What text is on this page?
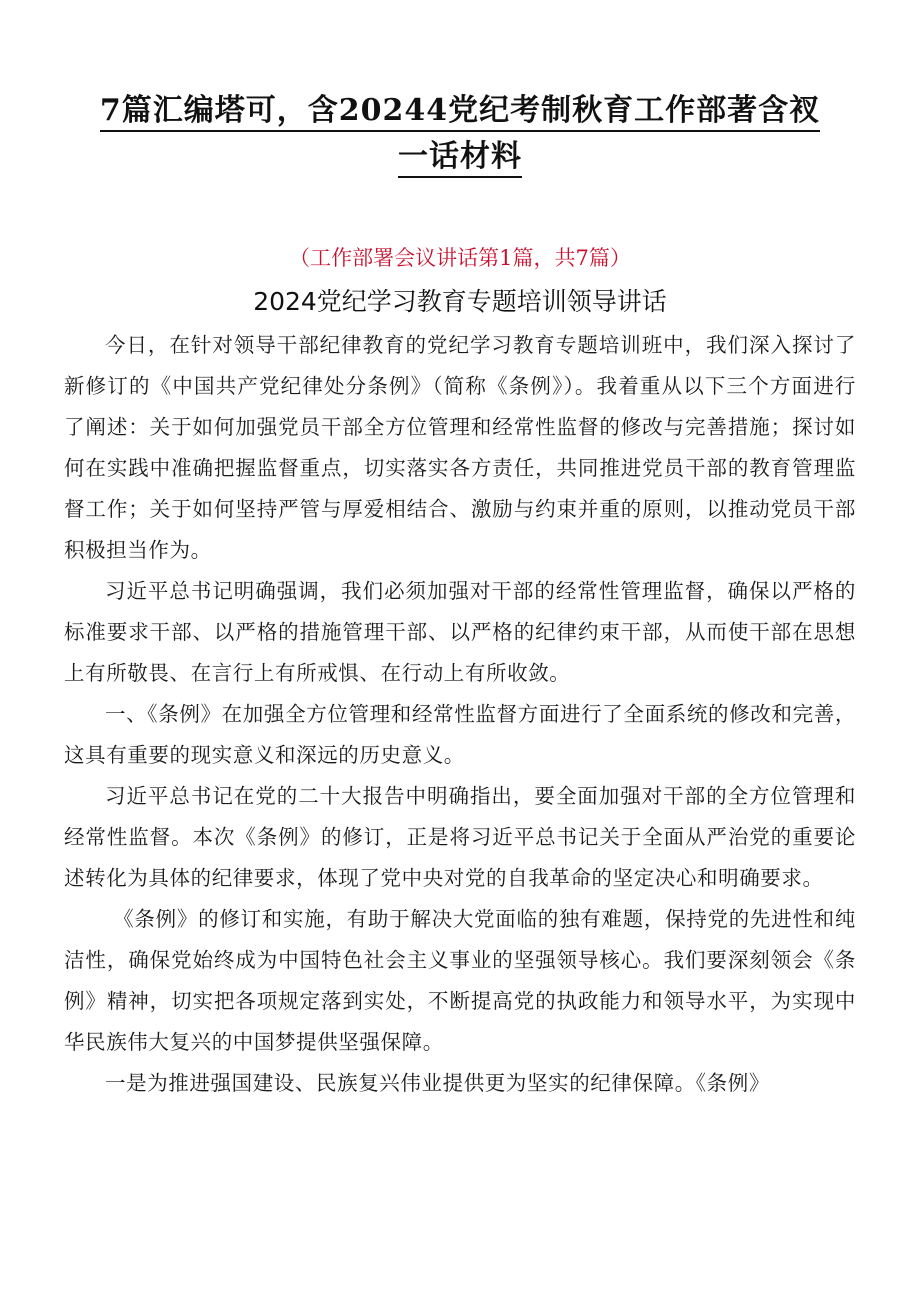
7篇汇编塔可，含20244党纪考制秋育工作部著含衩
一话材料
（工作部署会议讲话第1篇，共7篇）
2024党纪学习教育专题培训领导讲话

今日，在针对领导干部纪律教育的党纪学习教育专题培训班中，我们深入探讨了新修订的《中国共产党纪律处分条例》（简称《条例》）。我着重从以下三个方面进行了阐述：关于如何加强党员干部全方位管理和经常性监督的修改与完善措施；探讨如何在实践中准确把握监督重点，切实落实各方责任，共同推进党员干部的教育管理监督工作；关于如何坚持严管与厚爱相结合、激励与约束并重的原则，以推动党员干部积极担当作为。

习近平总书记明确强调，我们必须加强对干部的经常性管理监督，确保以严格的标准要求干部、以严格的措施管理干部、以严格的纪律约束干部，从而使干部在思想上有所敬畏、在言行上有所戒惧、在行动上有所收敛。

一、《条例》在加强全方位管理和经常性监督方面进行了全面系统的修改和完善，这具有重要的现实意义和深远的历史意义。

习近平总书记在党的二十大报告中明确指出，要全面加强对干部的全方位管理和经常性监督。本次《条例》的修订，正是将习近平总书记关于全面从严治党的重要论述转化为具体的纪律要求，体现了党中央对党的自我革命的坚定决心和明确要求。

《条例》的修订和实施，有助于解决大党面临的独有难题，保持党的先进性和纯洁性，确保党始终成为中国特色社会主义事业的坚强领导核心。我们要深刻领会《条例》精神，切实把各项规定落到实处，不断提高党的执政能力和领导水平，为实现中华民族伟大复兴的中国梦提供坚强保障。

一是为推进强国建设、民族复兴伟业提供更为坚实的纪律保障。《条例》
